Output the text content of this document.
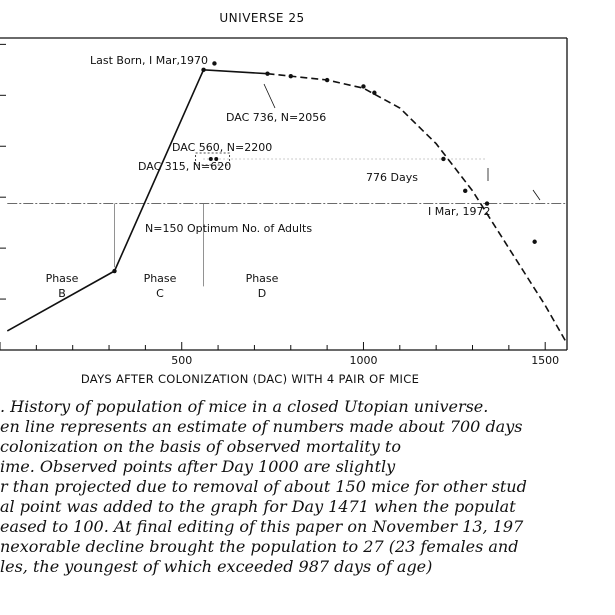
UNIVERSE 25
Last Born, I Mar,1970
DAC 736, N=2056
DAC 560, N=2200
DAC 315, N=620
776 Days
I Mar, 1972
N=150 Optimum No. of Adults
Phase
B
Phase
C
Phase
D
500	1000	1500
DAYS AFTER COLONIZATION (DAC) WITH 4 PAIR OF MICE
. History of population of mice in a closed Utopian universe.
en line represents an estimate of numbers made about 700 days
colonization on the basis of observed mortality to
ime. Observed points after Day 1000 are slightly
r than projected due to removal of about 150 mice for other stud
al point was added to the graph for Day 1471 when the populat
eased to 100. At final editing of this paper on November 13, 197
nexorable decline brought the population to 27 (23 females and
les, the youngest of which exceeded 987 days of age)
